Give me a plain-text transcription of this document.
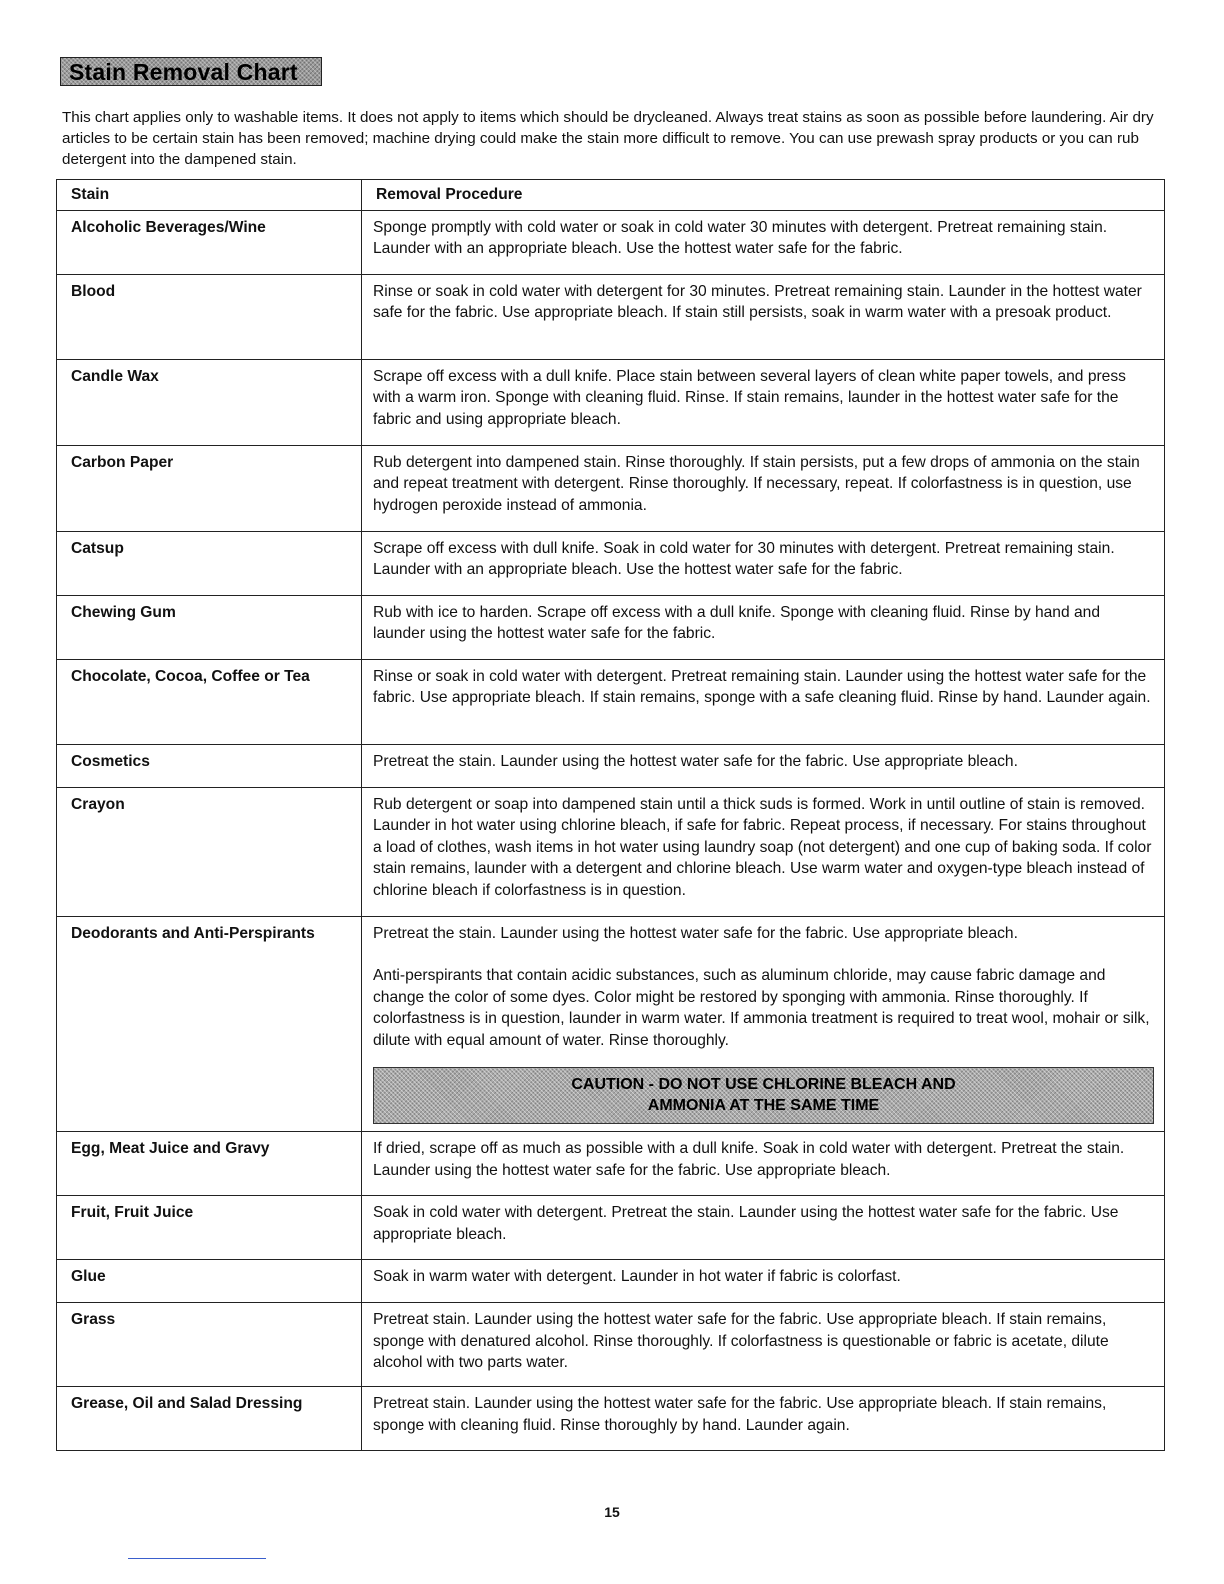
Stain Removal Chart
This chart applies only to washable items. It does not apply to items which should be drycleaned. Always treat stains as soon as possible before laundering. Air dry articles to be certain stain has been removed; machine drying could make the stain more difficult to remove. You can use prewash spray products or you can rub detergent into the dampened stain.
Stain	Removal Procedure
Alcoholic Beverages/Wine	Sponge promptly with cold water or soak in cold water 30 minutes with detergent. Pretreat remaining stain. Launder with an appropriate bleach. Use the hottest water safe for the fabric.
Blood	Rinse or soak in cold water with detergent for 30 minutes. Pretreat remaining stain. Launder in the hottest water safe for the fabric. Use appropriate bleach. If stain still persists, soak in warm water with a presoak product.
Candle Wax	Scrape off excess with a dull knife. Place stain between several layers of clean white paper towels, and press with a warm iron. Sponge with cleaning fluid. Rinse. If stain remains, launder in the hottest water safe for the fabric and using appropriate bleach.
Carbon Paper	Rub detergent into dampened stain. Rinse thoroughly. If stain persists, put a few drops of ammonia on the stain and repeat treatment with detergent. Rinse thoroughly. If necessary, repeat. If colorfastness is in question, use hydrogen peroxide instead of ammonia.
Catsup	Scrape off excess with dull knife. Soak in cold water for 30 minutes with detergent. Pretreat remaining stain. Launder with an appropriate bleach. Use the hottest water safe for the fabric.
Chewing Gum	Rub with ice to harden. Scrape off excess with a dull knife. Sponge with cleaning fluid. Rinse by hand and launder using the hottest water safe for the fabric.
Chocolate, Cocoa, Coffee or Tea	Rinse or soak in cold water with detergent. Pretreat remaining stain. Launder using the hottest water safe for the fabric. Use appropriate bleach. If stain remains, sponge with a safe cleaning fluid. Rinse by hand. Launder again.
Cosmetics	Pretreat the stain. Launder using the hottest water safe for the fabric. Use appropriate bleach.
Crayon	Rub detergent or soap into dampened stain until a thick suds is formed. Work in until outline of stain is removed. Launder in hot water using chlorine bleach, if safe for fabric. Repeat process, if necessary. For stains throughout a load of clothes, wash items in hot water using laundry soap (not detergent) and one cup of baking soda. If color stain remains, launder with a detergent and chlorine bleach. Use warm water and oxygen-type bleach instead of chlorine bleach if colorfastness is in question.
Deodorants and Anti-Perspirants	Pretreat the stain. Launder using the hottest water safe for the fabric. Use appropriate bleach.

Anti-perspirants that contain acidic substances, such as aluminum chloride, may cause fabric damage and change the color of some dyes. Color might be restored by sponging with ammonia. Rinse thoroughly. If colorfastness is in question, launder in warm water. If ammonia treatment is required to treat wool, mohair or silk, dilute with equal amount of water. Rinse thoroughly.

CAUTION - DO NOT USE CHLORINE BLEACH AND
AMMONIA AT THE SAME TIME

Egg, Meat Juice and Gravy	If dried, scrape off as much as possible with a dull knife. Soak in cold water with detergent. Pretreat the stain. Launder using the hottest water safe for the fabric. Use appropriate bleach.
Fruit, Fruit Juice	Soak in cold water with detergent. Pretreat the stain. Launder using the hottest water safe for the fabric. Use appropriate bleach.
Glue	Soak in warm water with detergent. Launder in hot water if fabric is colorfast.
Grass	Pretreat stain. Launder using the hottest water safe for the fabric. Use appropriate bleach. If stain remains, sponge with denatured alcohol. Rinse thoroughly. If colorfastness is questionable or fabric is acetate, dilute alcohol with two parts water.
Grease, Oil and Salad Dressing	Pretreat stain. Launder using the hottest water safe for the fabric. Use appropriate bleach. If stain remains, sponge with cleaning fluid. Rinse thoroughly by hand. Launder again.
15
